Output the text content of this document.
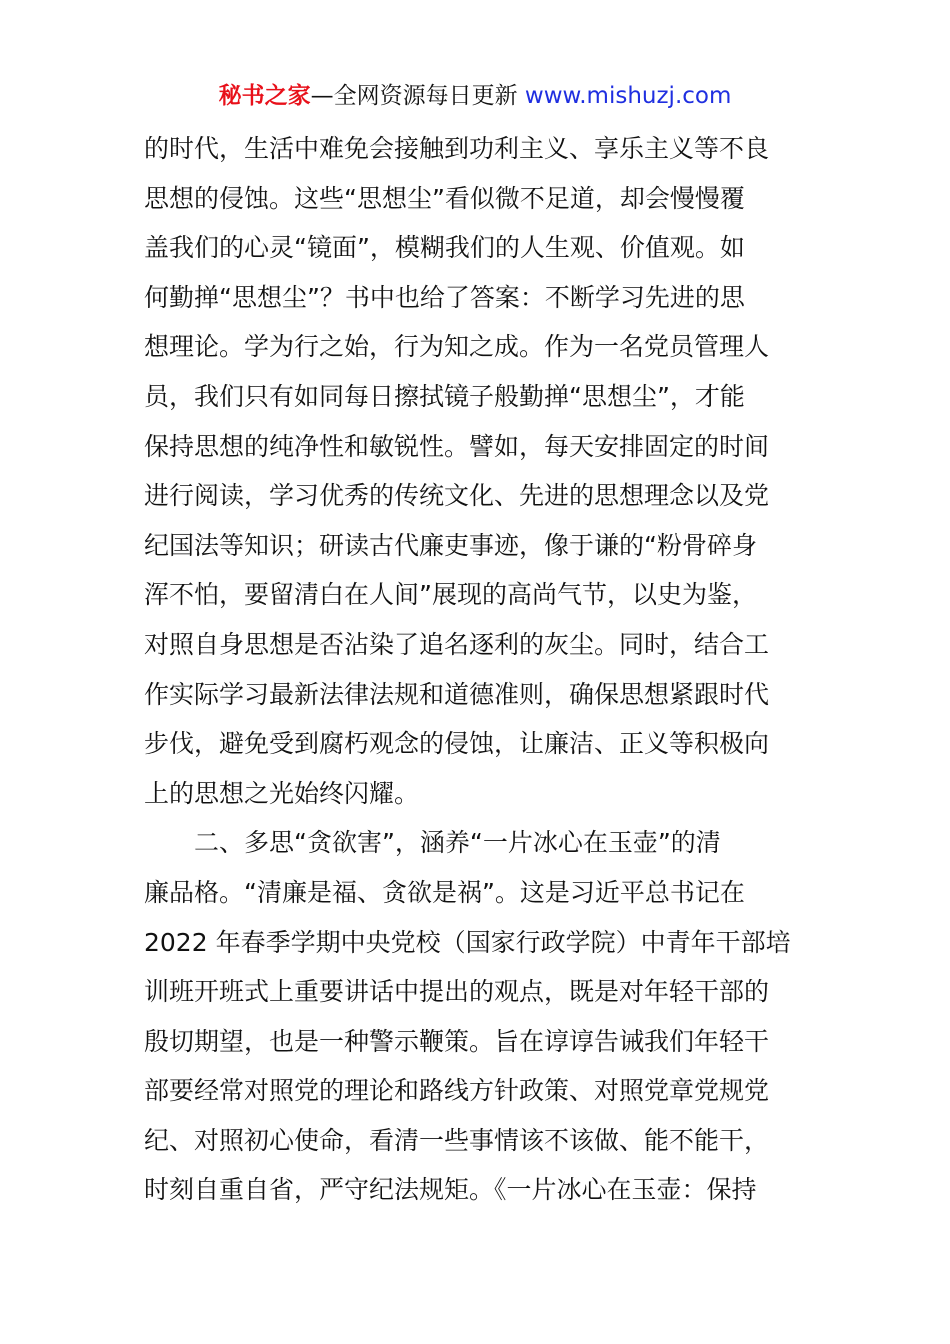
秘书之家—全网资源每日更新 www.mishuzj.com
的时代，生活中难免会接触到功利主义、享乐主义等不良
思想的侵蚀。这些“思想尘”看似微不足道，却会慢慢覆
盖我们的心灵“镜面”，模糊我们的人生观、价值观。如
何勤掸“思想尘”？书中也给了答案：不断学习先进的思
想理论。学为行之始，行为知之成。作为一名党员管理人
员，我们只有如同每日擦拭镜子般勤掸“思想尘”，才能
保持思想的纯净性和敏锐性。譬如，每天安排固定的时间
进行阅读，学习优秀的传统文化、先进的思想理念以及党
纪国法等知识；研读古代廉吏事迹，像于谦的“粉骨碎身
浑不怕，要留清白在人间”展现的高尚气节，以史为鉴，
对照自身思想是否沾染了追名逐利的灰尘。同时，结合工
作实际学习最新法律法规和道德准则，确保思想紧跟时代
步伐，避免受到腐朽观念的侵蚀，让廉洁、正义等积极向
上的思想之光始终闪耀。
二、多思“贪欲害”，涵养“一片冰心在玉壶”的清
廉品格。“清廉是福、贪欲是祸”。这是习近平总书记在
2022 年春季学期中央党校（国家行政学院）中青年干部培
训班开班式上重要讲话中提出的观点，既是对年轻干部的
殷切期望，也是一种警示鞭策。旨在谆谆告诫我们年轻干
部要经常对照党的理论和路线方针政策、对照党章党规党
纪、对照初心使命，看清一些事情该不该做、能不能干，
时刻自重自省，严守纪法规矩。《一片冰心在玉壶：保持
